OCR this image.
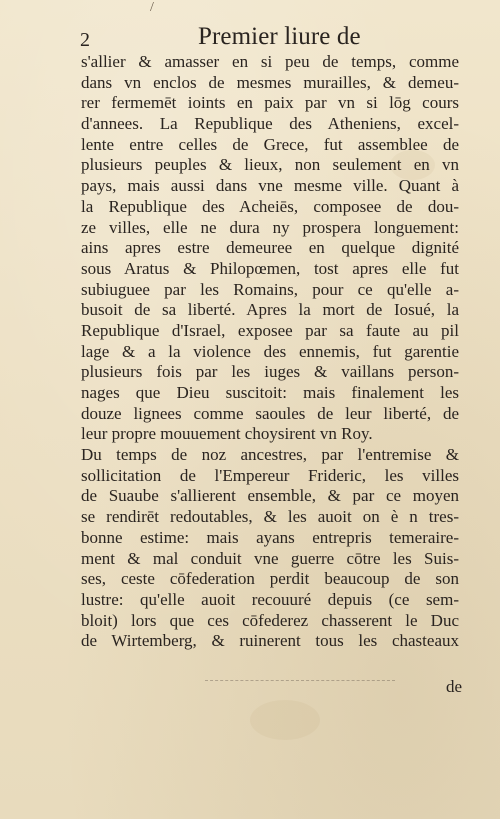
/
2	Premier liure de
s'allier & amasser en si peu de temps, comme
dans vn enclos de mesmes murailles, & demeu-
rer fermemēt ioints en paix par vn si lōg cours
d'annees. La Republique des Atheniens, excel-
lente entre celles de Grece, fut assemblee de
plusieurs peuples & lieux, non seulement en vn
pays, mais aussi dans vne mesme ville. Quant à
la Republique des Acheiēs, composee de dou-
ze villes, elle ne dura ny prospera longuement:
ains apres estre demeuree en quelque dignité
sous Aratus & Philopœmen, tost apres elle fut
subiuguee par les Romains, pour ce qu'elle a-
busoit de sa liberté. Apres la mort de Iosué, la
Republique d'Israel, exposee par sa faute au pil
lage & a la violence des ennemis, fut garentie
plusieurs fois par les iuges & vaillans person-
nages que Dieu suscitoit: mais finalement les
douze lignees comme saoules de leur liberté, de
leur propre mouuement choysirent vn Roy.
Du temps de noz ancestres, par l'entremise &
sollicitation de l'Empereur Frideric, les villes
de Suaube s'allierent ensemble, & par ce moyen
se rendirēt redoutables, & les auoit on è n tres-
bonne estime: mais ayans entrepris temeraire-
ment & mal conduit vne guerre cōtre les Suis-
ses, ceste cōfederation perdit beaucoup de son
lustre: qu'elle auoit recouuré depuis (ce sem-
bloit) lors que ces cōfederez chasserent le Duc
de Wirtemberg, & ruinerent tous les chasteaux
de
